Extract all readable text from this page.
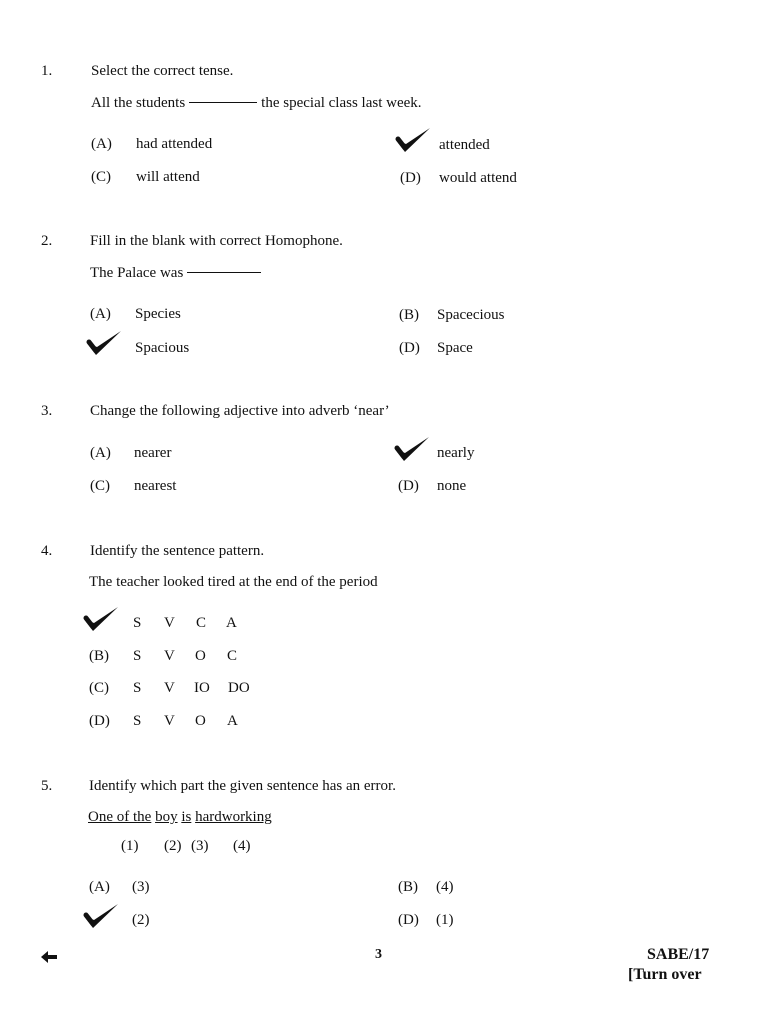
1.	Select the correct tense.
All the students	the special class last week.
(A) had attended	attended
(C) will attend	(D) would attend
2.	Fill in the blank with correct Homophone.
The Palace was
(A) Species	(B) Spacecious
Spacious	(D) Space
3.	Change the following adjective into adverb ‘near’
(A) nearer	nearly
(C) nearest	(D) none
4.	Identify the sentence pattern.
The teacher looked tired at the end of the period
S V C A
(B) S V O C
(C) S V IO DO
(D) S V O A
5. Identify which part the given sentence has an error.
One of the boy is hardworking
(1) (2) (3) (4)
(A) (3)	(B) (4)
(2)	(D) (1)
3	SABE/17
[Turn over
